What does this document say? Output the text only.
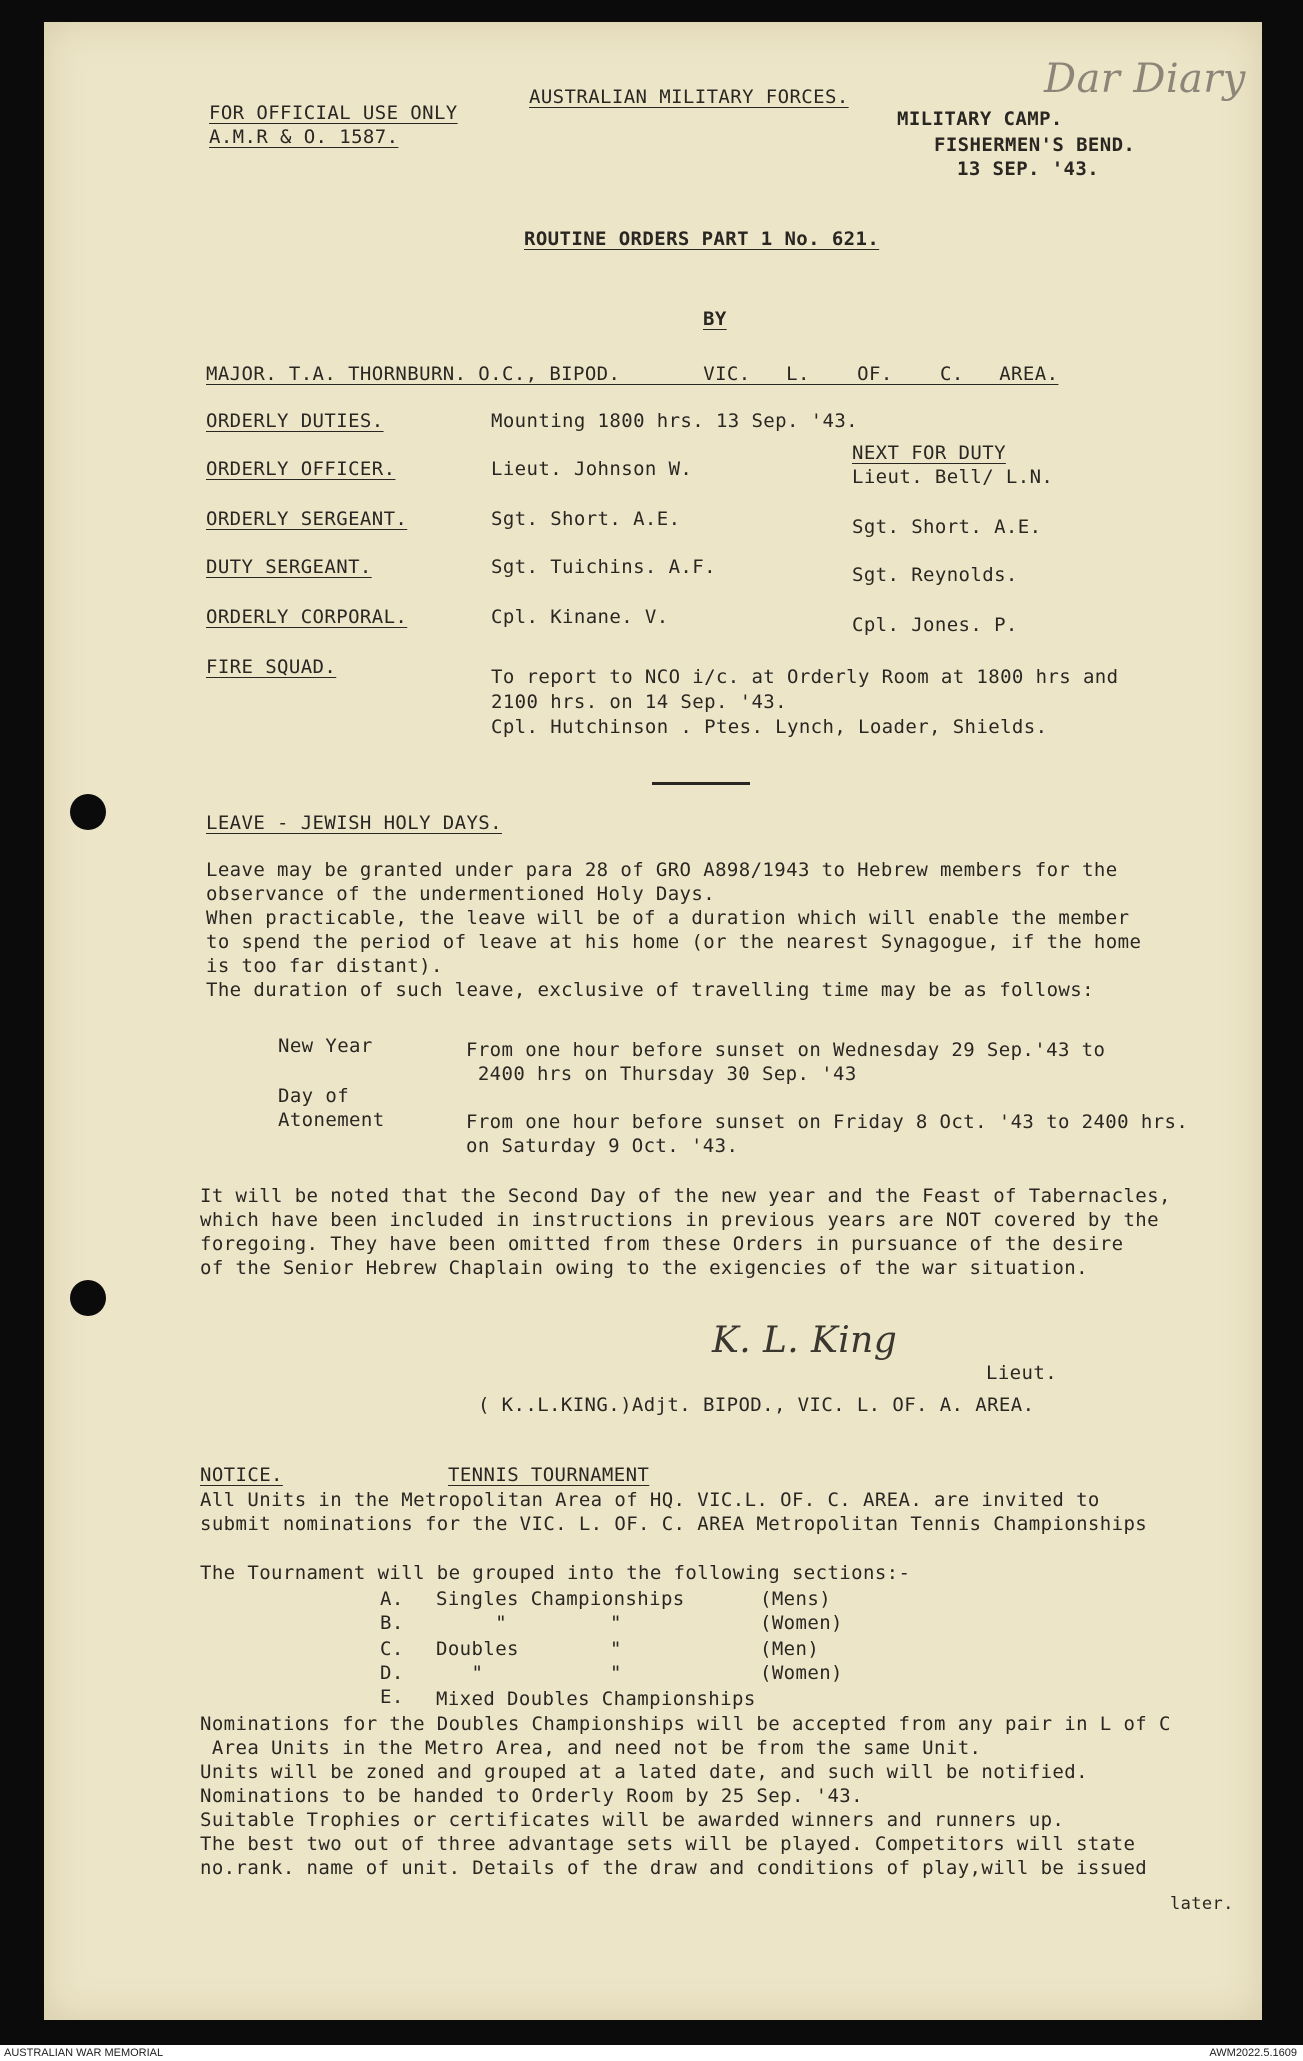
Dar Diary
FOR OFFICIAL USE ONLY
A.M.R & O. 1587.
AUSTRALIAN MILITARY FORCES.
MILITARY CAMP.
FISHERMEN'S BEND.
13 SEP. '43.
ROUTINE ORDERS PART 1 No. 621.
BY
MAJOR. T.A. THORNBURN. O.C., BIPOD.       VIC.   L.    OF.    C.   AREA.
NEXT FOR DUTY
ORDERLY DUTIES.	Mounting 1800 hrs. 13 Sep. '43.
ORDERLY OFFICER.	Lieut. Johnson W.	Lieut. Bell/ L.N.
ORDERLY SERGEANT.	Sgt. Short. A.E.	Sgt. Short. A.E.
DUTY SERGEANT.	Sgt. Tuichins. A.F.	Sgt. Reynolds.
ORDERLY CORPORAL.	Cpl. Kinane. V.	Cpl. Jones. P.
FIRE SQUAD.	To report to NCO i/c. at Orderly Room at 1800 hrs and
2100 hrs. on 14 Sep. '43.
Cpl. Hutchinson . Ptes. Lynch, Loader, Shields.
LEAVE - JEWISH HOLY DAYS.
Leave may be granted under para 28 of GRO A898/1943 to Hebrew members for the
observance of the undermentioned Holy Days.
When practicable, the leave will be of a duration which will enable the member
to spend the period of leave at his home (or the nearest Synagogue, if the home
is too far distant).
The duration of such leave, exclusive of travelling time may be as follows:
New Year	From one hour before sunset on Wednesday 29 Sep.'43 to
2400 hrs on Thursday 30 Sep. '43
Day of
Atonement	From one hour before sunset on Friday 8 Oct. '43 to 2400 hrs.
on Saturday 9 Oct. '43.
It will be noted that the Second Day of the new year and the Feast of Tabernacles,
which have been included in instructions in previous years are NOT covered by the
foregoing. They have been omitted from these Orders in pursuance of the desire
of the Senior Hebrew Chaplain owing to the exigencies of the war situation.
K. L. King
Lieut.
( K..L.KING.)Adjt. BIPOD., VIC. L. OF. A. AREA.
NOTICE.	TENNIS TOURNAMENT
All Units in the Metropolitan Area of HQ. VIC.L. OF. C. AREA. are invited to
submit nominations for the VIC. L. OF. C. AREA Metropolitan Tennis Championships
The Tournament will be grouped into the following sections:-
A. Singles Championships	(Mens)
B. "	"	(Women)
C. Doubles	"	(Men)
D. "	"	(Women)
E. Mixed Doubles Championships
Nominations for the Doubles Championships will be accepted from any pair in L of C
Area Units in the Metro Area, and need not be from the same Unit.
Units will be zoned and grouped at a lated date, and such will be notified.
Nominations to be handed to Orderly Room by 25 Sep. '43.
Suitable Trophies or certificates will be awarded winners and runners up.
The best two out of three advantage sets will be played. Competitors will state
no.rank. name of unit. Details of the draw and conditions of play,will be issued
later.
AUSTRALIAN WAR MEMORIAL	AWM2022.5.1609
